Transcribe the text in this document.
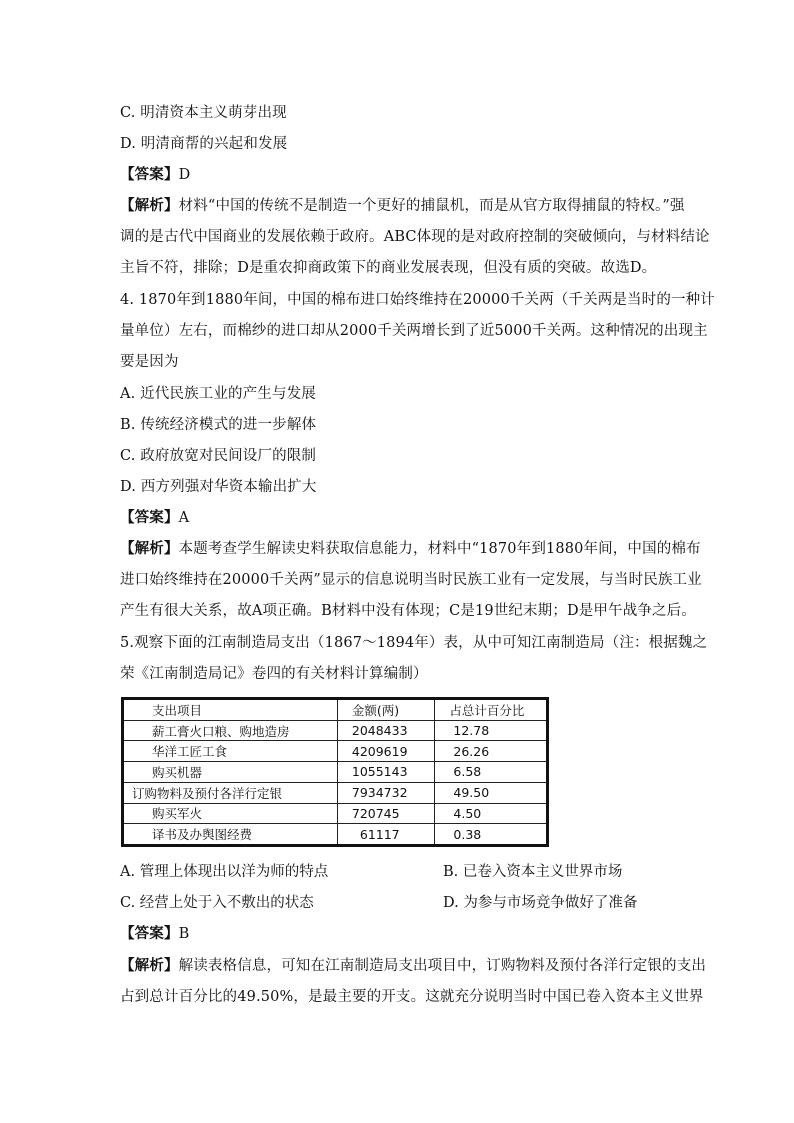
C. 明清资本主义萌芽出现
D. 明清商帮的兴起和发展
【答案】D
【解析】材料“中国的传统不是制造一个更好的捕鼠机，而是从官方取得捕鼠的特权。”强
调的是古代中国商业的发展依赖于政府。ABC体现的是对政府控制的突破倾向，与材料结论
主旨不符，排除；D是重农抑商政策下的商业发展表现，但没有质的突破。故选D。
4. 1870年到1880年间，中国的棉布进口始终维持在20000千关两（千关两是当时的一种计
量单位）左右，而棉纱的进口却从2000千关两增长到了近5000千关两。这种情况的出现主
要是因为
A. 近代民族工业的产生与发展
B. 传统经济模式的进一步解体
C. 政府放宽对民间设厂的限制
D. 西方列强对华资本输出扩大
【答案】A
【解析】本题考查学生解读史料获取信息能力，材料中“1870年到1880年间，中国的棉布
进口始终维持在20000千关两”显示的信息说明当时民族工业有一定发展，与当时民族工业
产生有很大关系，故A项正确。B材料中没有体现；C是19世纪末期；D是甲午战争之后。
5.观察下面的江南制造局支出（1867～1894年）表，从中可知江南制造局（注：根据魏之
荣《江南制造局记》卷四的有关材料计算编制）
支出项目	金额(两)	占总计百分比
薪工膏火口粮、购地造房	2048433	12.78
华洋工匠工食	4209619	26.26
购买机器	1055143	6.58
订购物料及预付各洋行定银	7934732	49.50
购买军火	720745	4.50
译书及办舆图经费	61117	0.38
A. 管理上体现出以洋为师的特点	B. 已卷入资本主义世界市场
C. 经营上处于入不敷出的状态	D. 为参与市场竞争做好了准备
【答案】B
【解析】解读表格信息，可知在江南制造局支出项目中，订购物料及预付各洋行定银的支出
占到总计百分比的49.50%，是最主要的开支。这就充分说明当时中国已卷入资本主义世界
